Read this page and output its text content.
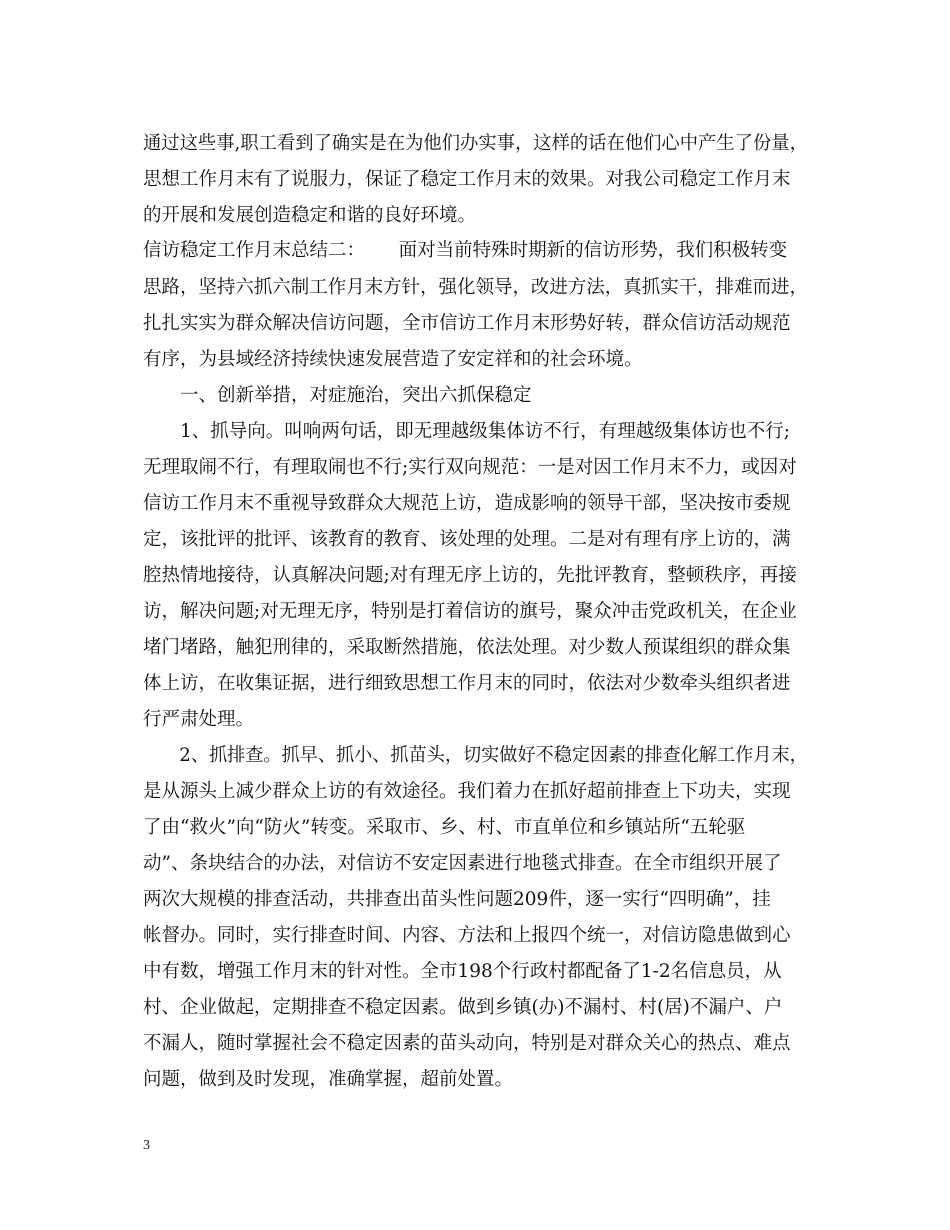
通过这些事,职工看到了确实是在为他们办实事，这样的话在他们心中产生了份量，
思想工作月末有了说服力，保证了稳定工作月末的效果。对我公司稳定工作月末
的开展和发展创造稳定和谐的良好环境。
信访稳定工作月末总结二：　　 面对当前特殊时期新的信访形势，我们积极转变
思路，坚持六抓六制工作月末方针，强化领导，改进方法，真抓实干，排难而进，
扎扎实实为群众解决信访问题，全市信访工作月末形势好转，群众信访活动规范
有序，为县域经济持续快速发展营造了安定祥和的社会环境。
　　一、创新举措，对症施治，突出六抓保稳定
　　1、抓导向。叫响两句话，即无理越级集体访不行，有理越级集体访也不行;
无理取闹不行，有理取闹也不行;实行双向规范：一是对因工作月末不力，或因对
信访工作月末不重视导致群众大规范上访，造成影响的领导干部，坚决按市委规
定，该批评的批评、该教育的教育、该处理的处理。二是对有理有序上访的，满
腔热情地接待，认真解决问题;对有理无序上访的，先批评教育，整顿秩序，再接
访，解决问题;对无理无序，特别是打着信访的旗号，聚众冲击党政机关，在企业
堵门堵路，触犯刑律的，采取断然措施，依法处理。对少数人预谋组织的群众集
体上访，在收集证据，进行细致思想工作月末的同时，依法对少数牵头组织者进
行严肃处理。
　　2、抓排查。抓早、抓小、抓苗头，切实做好不稳定因素的排查化解工作月末，
是从源头上减少群众上访的有效途径。我们着力在抓好超前排查上下功夫，实现
了由“救火”向“防火”转变。采取市、乡、村、市直单位和乡镇站所“五轮驱
动”、条块结合的办法，对信访不安定因素进行地毯式排查。在全市组织开展了
两次大规模的排查活动，共排查出苗头性问题209件，逐一实行“四明确”，挂
帐督办。同时，实行排查时间、内容、方法和上报四个统一，对信访隐患做到心
中有数，增强工作月末的针对性。全市198个行政村都配备了1-2名信息员，从
村、企业做起，定期排查不稳定因素。做到乡镇(办)不漏村、村(居)不漏户、户
不漏人，随时掌握社会不稳定因素的苗头动向，特别是对群众关心的热点、难点
问题，做到及时发现，准确掌握，超前处置。
3
